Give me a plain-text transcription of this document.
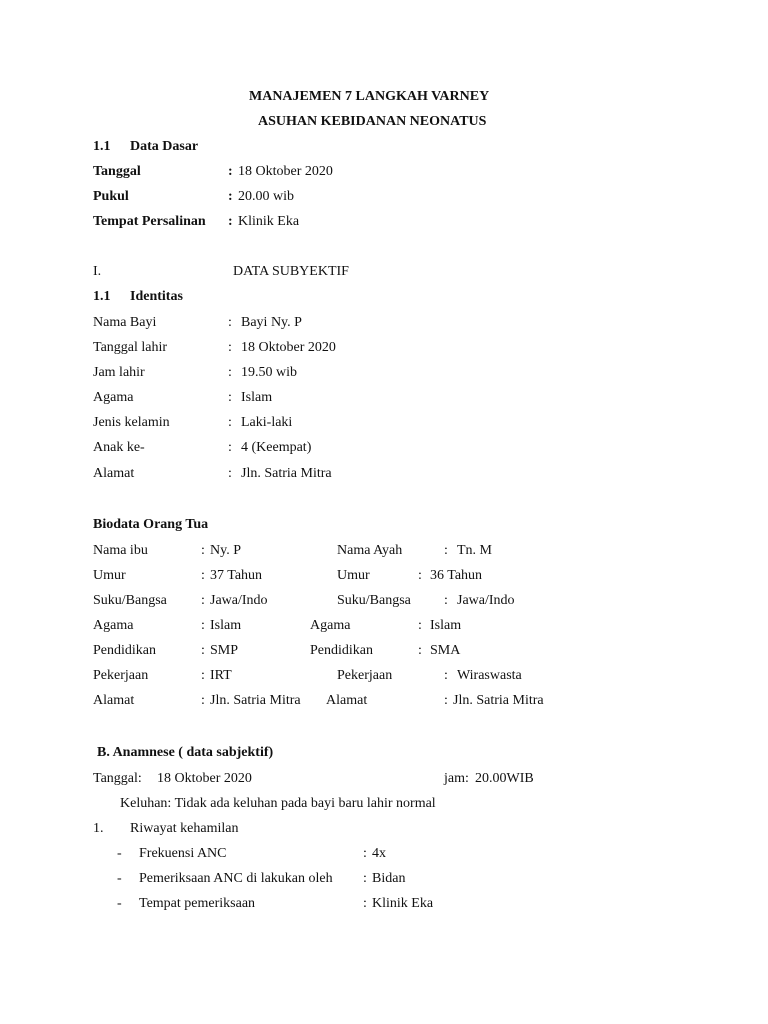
MANAJEMEN 7 LANGKAH VARNEY
ASUHAN KEBIDANAN NEONATUS
1.1 Data Dasar
Tanggal	: 18 Oktober 2020
Pukul	: 20.00 wib
Tempat Persalinan : Klinik Eka
I.	DATA SUBYEKTIF
1.1 Identitas
Nama Bayi	: Bayi Ny. P
Tanggal lahir	: 18 Oktober 2020
Jam lahir	: 19.50 wib
Agama	: Islam
Jenis kelamin	: Laki-laki
Anak ke-	: 4 (Keempat)
Alamat	: Jln. Satria Mitra
Biodata Orang Tua
Nama ibu	: Ny. P	Nama Ayah	: Tn. M
Umur	: 37 Tahun	Umur	: 36 Tahun
Suku/Bangsa : Jawa/Indo	Suku/Bangsa : Jawa/Indo
Agama	: Islam	Agama	: Islam
Pendidikan	: SMP	Pendidikan	: SMA
Pekerjaan	: IRT	Pekerjaan	: Wiraswasta
Alamat	: Jln. Satria Mitra Alamat	: Jln. Satria Mitra
B. Anamnese ( data sabjektif)
Tanggal: 18 Oktober 2020	jam: 20.00WIB
Keluhan: Tidak ada keluhan pada bayi baru lahir normal
1. Riwayat kehamilan
- Frekuensi ANC	: 4x
- Pemeriksaan ANC di lakukan oleh : Bidan
- Tempat pemeriksaan	: Klinik Eka
